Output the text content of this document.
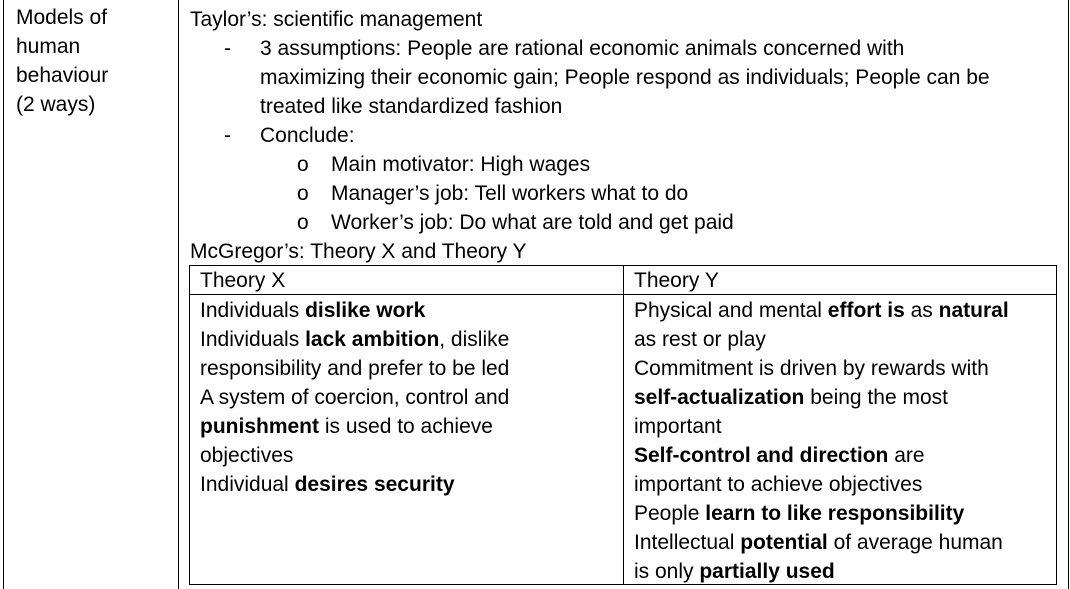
Models of
human
behaviour
(2 ways)
Taylor’s: scientific management
- 3 assumptions: People are rational economic animals concerned with
maximizing their economic gain; People respond as individuals; People can be
treated like standardized fashion
- Conclude:
o Main motivator: High wages
o Manager’s job: Tell workers what to do
o Worker’s job: Do what are told and get paid
McGregor’s: Theory X and Theory Y
Theory X	Theory Y
Individuals dislike work
Individuals lack ambition, dislike
responsibility and prefer to be led
A system of coercion, control and
punishment is used to achieve
objectives
Individual desires security
Physical and mental effort is as natural
as rest or play
Commitment is driven by rewards with
self-actualization being the most
important
Self-control and direction are
important to achieve objectives
People learn to like responsibility
Intellectual potential of average human
is only partially used
